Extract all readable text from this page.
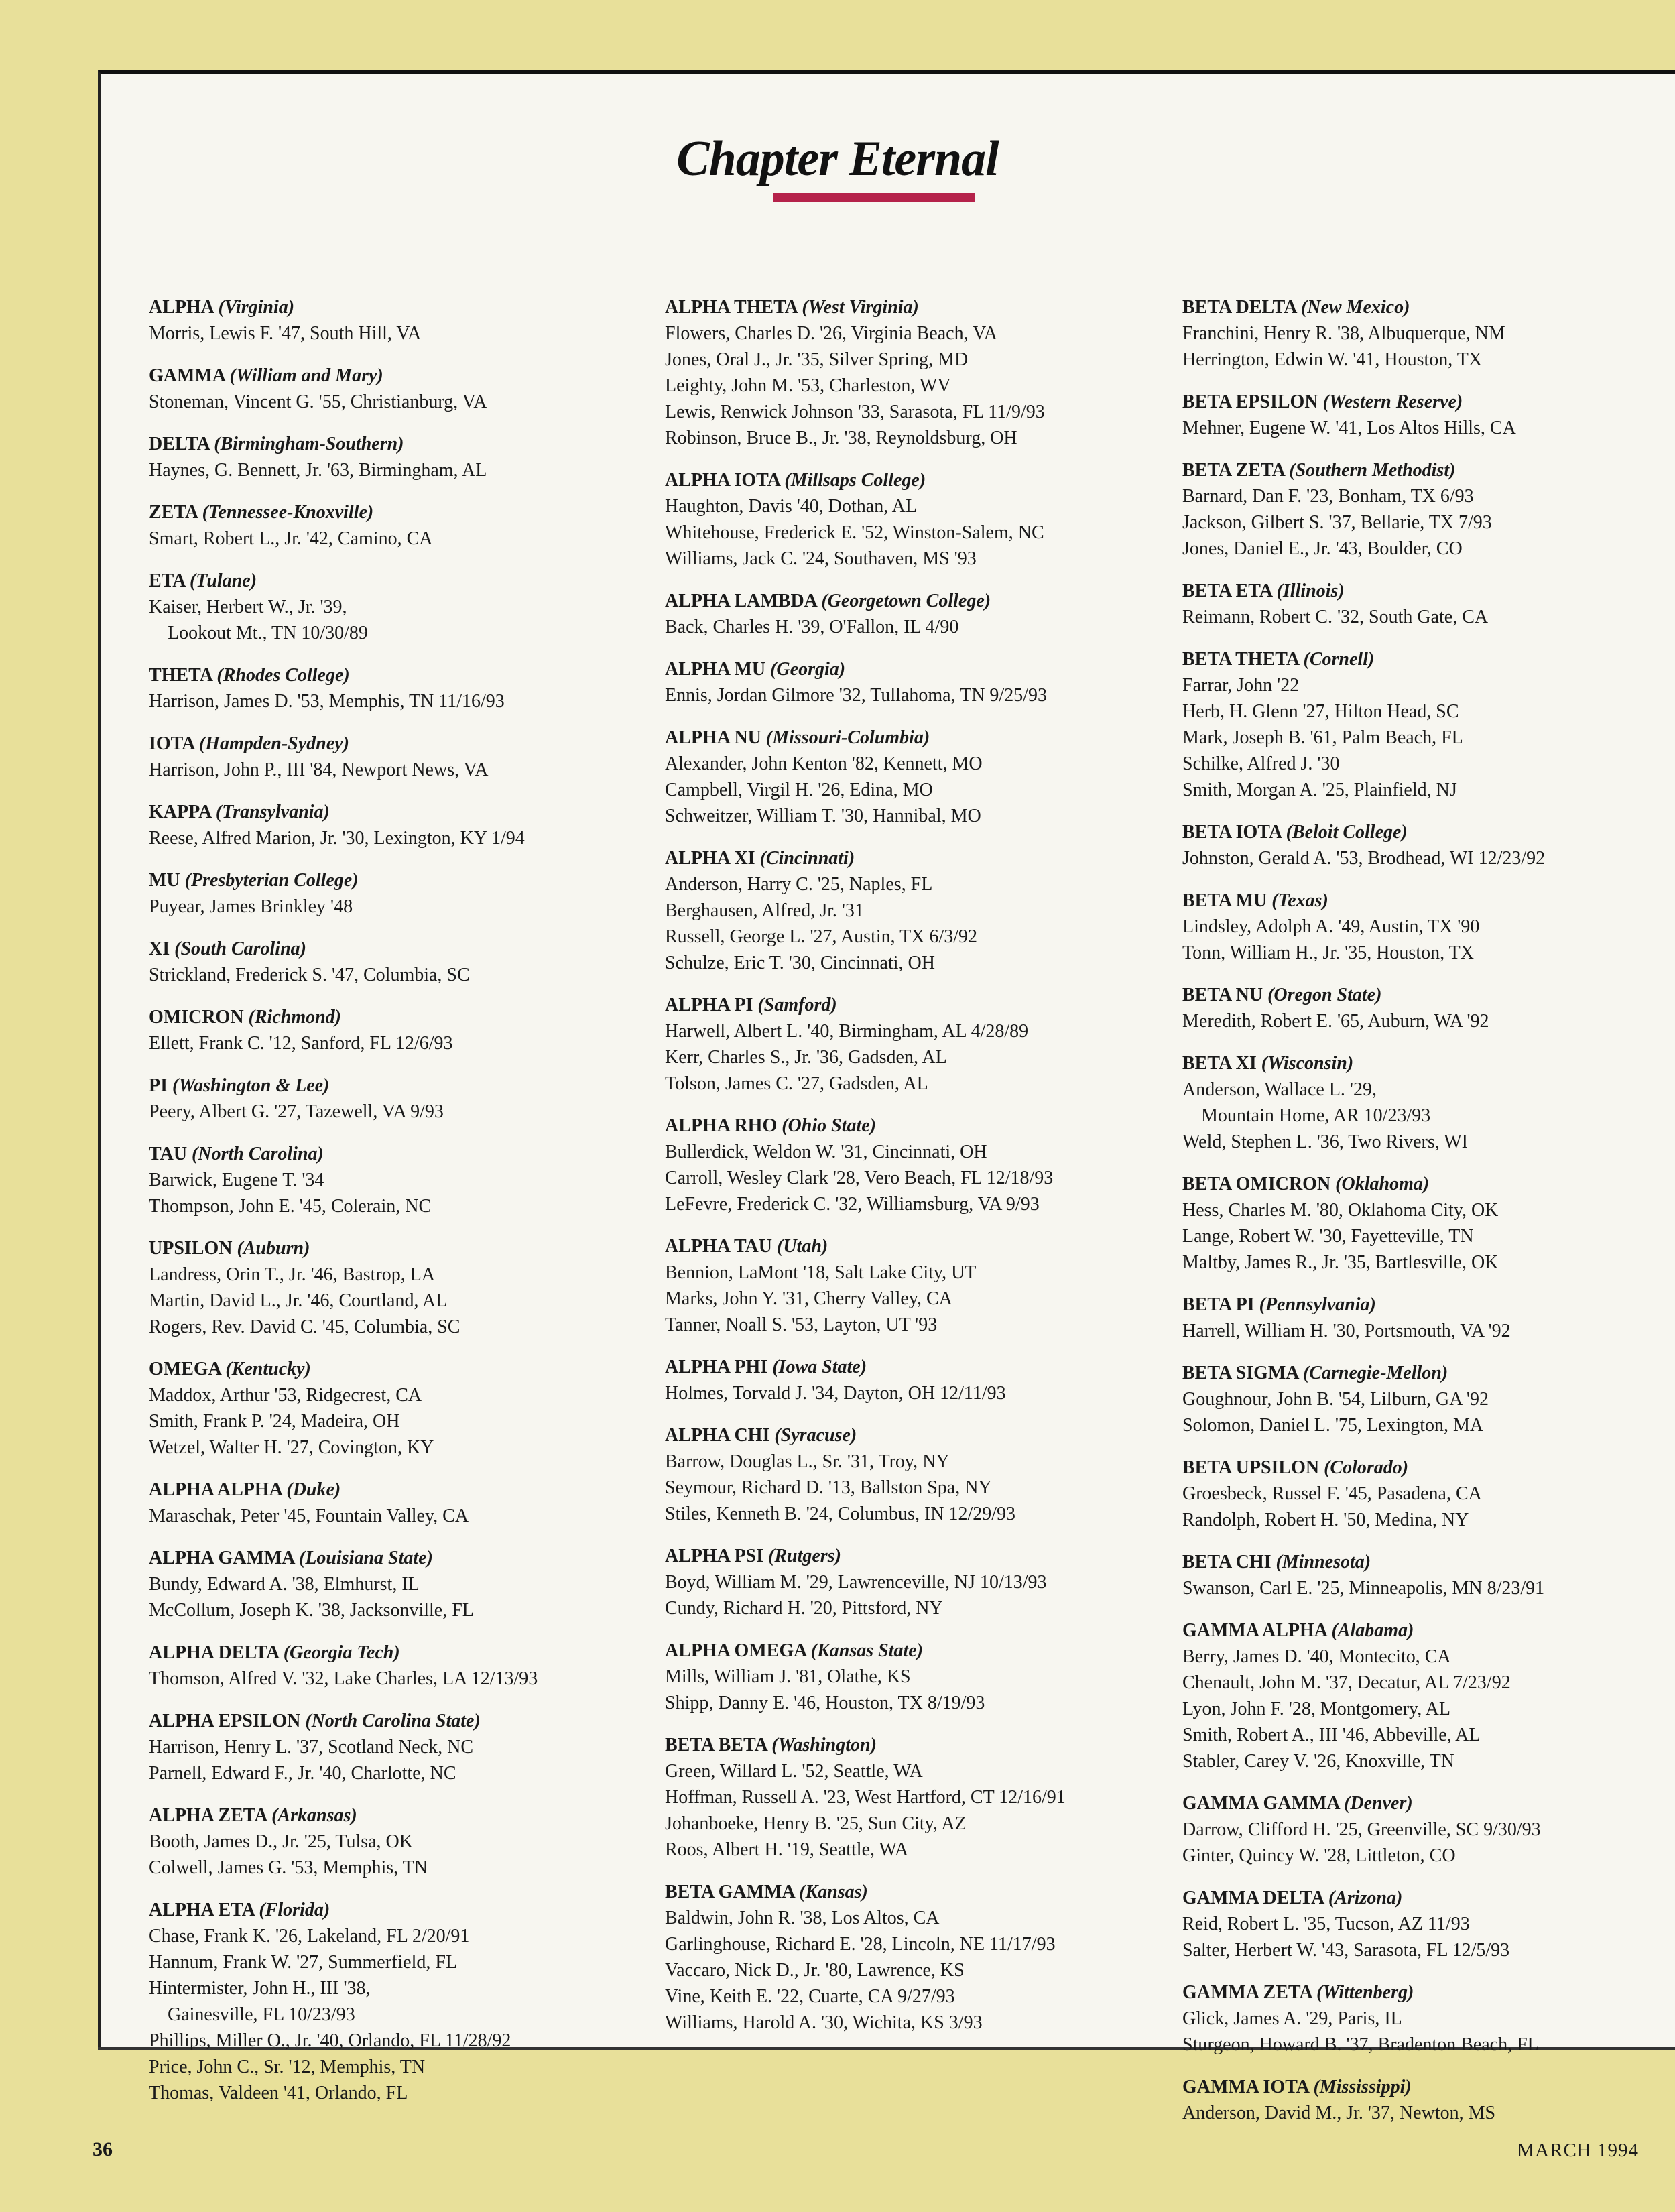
Chapter Eternal
ALPHA (Virginia)
Morris, Lewis F. '47, South Hill, VA
GAMMA (William and Mary)
Stoneman, Vincent G. '55, Christianburg, VA
DELTA (Birmingham-Southern)
Haynes, G. Bennett, Jr. '63, Birmingham, AL
ZETA (Tennessee-Knoxville)
Smart, Robert L., Jr. '42, Camino, CA
ETA (Tulane)
Kaiser, Herbert W., Jr. '39,
Lookout Mt., TN 10/30/89
THETA (Rhodes College)
Harrison, James D. '53, Memphis, TN 11/16/93
IOTA (Hampden-Sydney)
Harrison, John P., III '84, Newport News, VA
KAPPA (Transylvania)
Reese, Alfred Marion, Jr. '30, Lexington, KY 1/94
MU (Presbyterian College)
Puyear, James Brinkley '48
XI (South Carolina)
Strickland, Frederick S. '47, Columbia, SC
OMICRON (Richmond)
Ellett, Frank C. '12, Sanford, FL 12/6/93
PI (Washington & Lee)
Peery, Albert G. '27, Tazewell, VA 9/93
TAU (North Carolina)
Barwick, Eugene T. '34
Thompson, John E. '45, Colerain, NC
UPSILON (Auburn)
Landress, Orin T., Jr. '46, Bastrop, LA
Martin, David L., Jr. '46, Courtland, AL
Rogers, Rev. David C. '45, Columbia, SC
OMEGA (Kentucky)
Maddox, Arthur '53, Ridgecrest, CA
Smith, Frank P. '24, Madeira, OH
Wetzel, Walter H. '27, Covington, KY
ALPHA ALPHA (Duke)
Maraschak, Peter '45, Fountain Valley, CA
ALPHA GAMMA (Louisiana State)
Bundy, Edward A. '38, Elmhurst, IL
McCollum, Joseph K. '38, Jacksonville, FL
ALPHA DELTA (Georgia Tech)
Thomson, Alfred V. '32, Lake Charles, LA 12/13/93
ALPHA EPSILON (North Carolina State)
Harrison, Henry L. '37, Scotland Neck, NC
Parnell, Edward F., Jr. '40, Charlotte, NC
ALPHA ZETA (Arkansas)
Booth, James D., Jr. '25, Tulsa, OK
Colwell, James G. '53, Memphis, TN
ALPHA ETA (Florida)
Chase, Frank K. '26, Lakeland, FL 2/20/91
Hannum, Frank W. '27, Summerfield, FL
Hintermister, John H., III '38,
Gainesville, FL 10/23/93
Phillips, Miller O., Jr. '40, Orlando, FL 11/28/92
Price, John C., Sr. '12, Memphis, TN
Thomas, Valdeen '41, Orlando, FL
ALPHA THETA (West Virginia)
Flowers, Charles D. '26, Virginia Beach, VA
Jones, Oral J., Jr. '35, Silver Spring, MD
Leighty, John M. '53, Charleston, WV
Lewis, Renwick Johnson '33, Sarasota, FL 11/9/93
Robinson, Bruce B., Jr. '38, Reynoldsburg, OH
ALPHA IOTA (Millsaps College)
Haughton, Davis '40, Dothan, AL
Whitehouse, Frederick E. '52, Winston-Salem, NC
Williams, Jack C. '24, Southaven, MS '93
ALPHA LAMBDA (Georgetown College)
Back, Charles H. '39, O'Fallon, IL 4/90
ALPHA MU (Georgia)
Ennis, Jordan Gilmore '32, Tullahoma, TN 9/25/93
ALPHA NU (Missouri-Columbia)
Alexander, John Kenton '82, Kennett, MO
Campbell, Virgil H. '26, Edina, MO
Schweitzer, William T. '30, Hannibal, MO
ALPHA XI (Cincinnati)
Anderson, Harry C. '25, Naples, FL
Berghausen, Alfred, Jr. '31
Russell, George L. '27, Austin, TX 6/3/92
Schulze, Eric T. '30, Cincinnati, OH
ALPHA PI (Samford)
Harwell, Albert L. '40, Birmingham, AL 4/28/89
Kerr, Charles S., Jr. '36, Gadsden, AL
Tolson, James C. '27, Gadsden, AL
ALPHA RHO (Ohio State)
Bullerdick, Weldon W. '31, Cincinnati, OH
Carroll, Wesley Clark '28, Vero Beach, FL 12/18/93
LeFevre, Frederick C. '32, Williamsburg, VA 9/93
ALPHA TAU (Utah)
Bennion, LaMont '18, Salt Lake City, UT
Marks, John Y. '31, Cherry Valley, CA
Tanner, Noall S. '53, Layton, UT '93
ALPHA PHI (Iowa State)
Holmes, Torvald J. '34, Dayton, OH 12/11/93
ALPHA CHI (Syracuse)
Barrow, Douglas L., Sr. '31, Troy, NY
Seymour, Richard D. '13, Ballston Spa, NY
Stiles, Kenneth B. '24, Columbus, IN 12/29/93
ALPHA PSI (Rutgers)
Boyd, William M. '29, Lawrenceville, NJ 10/13/93
Cundy, Richard H. '20, Pittsford, NY
ALPHA OMEGA (Kansas State)
Mills, William J. '81, Olathe, KS
Shipp, Danny E. '46, Houston, TX 8/19/93
BETA BETA (Washington)
Green, Willard L. '52, Seattle, WA
Hoffman, Russell A. '23, West Hartford, CT 12/16/91
Johanboeke, Henry B. '25, Sun City, AZ
Roos, Albert H. '19, Seattle, WA
BETA GAMMA (Kansas)
Baldwin, John R. '38, Los Altos, CA
Garlinghouse, Richard E. '28, Lincoln, NE 11/17/93
Vaccaro, Nick D., Jr. '80, Lawrence, KS
Vine, Keith E. '22, Cuarte, CA 9/27/93
Williams, Harold A. '30, Wichita, KS 3/93
BETA DELTA (New Mexico)
Franchini, Henry R. '38, Albuquerque, NM
Herrington, Edwin W. '41, Houston, TX
BETA EPSILON (Western Reserve)
Mehner, Eugene W. '41, Los Altos Hills, CA
BETA ZETA (Southern Methodist)
Barnard, Dan F. '23, Bonham, TX 6/93
Jackson, Gilbert S. '37, Bellarie, TX 7/93
Jones, Daniel E., Jr. '43, Boulder, CO
BETA ETA (Illinois)
Reimann, Robert C. '32, South Gate, CA
BETA THETA (Cornell)
Farrar, John '22
Herb, H. Glenn '27, Hilton Head, SC
Mark, Joseph B. '61, Palm Beach, FL
Schilke, Alfred J. '30
Smith, Morgan A. '25, Plainfield, NJ
BETA IOTA (Beloit College)
Johnston, Gerald A. '53, Brodhead, WI 12/23/92
BETA MU (Texas)
Lindsley, Adolph A. '49, Austin, TX '90
Tonn, William H., Jr. '35, Houston, TX
BETA NU (Oregon State)
Meredith, Robert E. '65, Auburn, WA '92
BETA XI (Wisconsin)
Anderson, Wallace L. '29,
Mountain Home, AR 10/23/93
Weld, Stephen L. '36, Two Rivers, WI
BETA OMICRON (Oklahoma)
Hess, Charles M. '80, Oklahoma City, OK
Lange, Robert W. '30, Fayetteville, TN
Maltby, James R., Jr. '35, Bartlesville, OK
BETA PI (Pennsylvania)
Harrell, William H. '30, Portsmouth, VA '92
BETA SIGMA (Carnegie-Mellon)
Goughnour, John B. '54, Lilburn, GA '92
Solomon, Daniel L. '75, Lexington, MA
BETA UPSILON (Colorado)
Groesbeck, Russel F. '45, Pasadena, CA
Randolph, Robert H. '50, Medina, NY
BETA CHI (Minnesota)
Swanson, Carl E. '25, Minneapolis, MN 8/23/91
GAMMA ALPHA (Alabama)
Berry, James D. '40, Montecito, CA
Chenault, John M. '37, Decatur, AL 7/23/92
Lyon, John F. '28, Montgomery, AL
Smith, Robert A., III '46, Abbeville, AL
Stabler, Carey V. '26, Knoxville, TN
GAMMA GAMMA (Denver)
Darrow, Clifford H. '25, Greenville, SC 9/30/93
Ginter, Quincy W. '28, Littleton, CO
GAMMA DELTA (Arizona)
Reid, Robert L. '35, Tucson, AZ 11/93
Salter, Herbert W. '43, Sarasota, FL 12/5/93
GAMMA ZETA (Wittenberg)
Glick, James A. '29, Paris, IL
Sturgeon, Howard B. '37, Bradenton Beach, FL
GAMMA IOTA (Mississippi)
Anderson, David M., Jr. '37, Newton, MS
36	MARCH 1994
